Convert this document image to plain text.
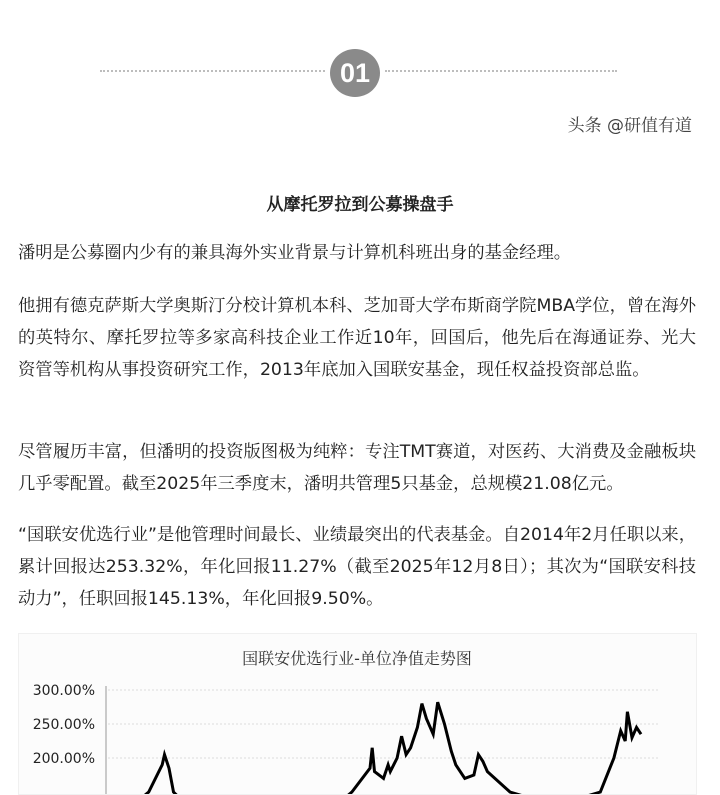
01
头条 @研值有道
从摩托罗拉到公募操盘手
潘明是公募圈内少有的兼具海外实业背景与计算机科班出身的基金经理。
他拥有德克萨斯大学奥斯汀分校计算机本科、芝加哥大学布斯商学院MBA学位，曾在海外的英特尔、摩托罗拉等多家高科技企业工作近10年，回国后，他先后在海通证券、光大资管等机构从事投资研究工作，2013年底加入国联安基金，现任权益投资部总监。
尽管履历丰富，但潘明的投资版图极为纯粹：专注TMT赛道，对医药、大消费及金融板块几乎零配置。截至2025年三季度末，潘明共管理5只基金，总规模21.08亿元。
“国联安优选行业”是他管理时间最长、业绩最突出的代表基金。自2014年2月任职以来，累计回报达253.32%，年化回报11.27%（截至2025年12月8日）；其次为“国联安科技动力”，任职回报145.13%，年化回报9.50%。
国联安优选行业-单位净值走势图
300.00%
250.00%
200.00%
